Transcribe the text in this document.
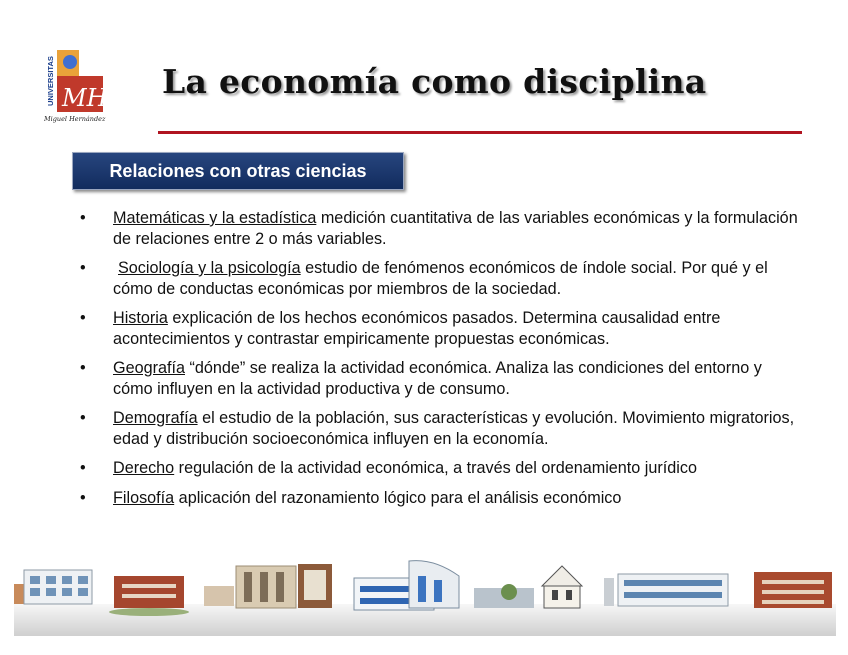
UNIVERSITAS MH
Miguel Hernández
La economía como disciplina
Relaciones con otras ciencias
• Matemáticas y la estadística medición cuantitativa de las variables económicas y la formulación de relaciones entre 2 o más variables.
• Sociología y la psicología estudio de fenómenos económicos de índole social. Por qué y el cómo de conductas económicas por miembros de la sociedad.
• Historia explicación de los hechos económicos pasados. Determina causalidad entre acontecimientos y contrastar empiricamente propuestas económicas.
• Geografía “dónde” se realiza la actividad económica. Analiza las condiciones del entorno y cómo influyen en la actividad productiva y de consumo.
• Demografía el estudio de la población, sus características y evolución. Movimiento migratorios, edad y distribución socioeconómica influyen en la economía.
• Derecho regulación de la actividad económica, a través del ordenamiento jurídico
• Filosofía aplicación del razonamiento lógico para el análisis económico
